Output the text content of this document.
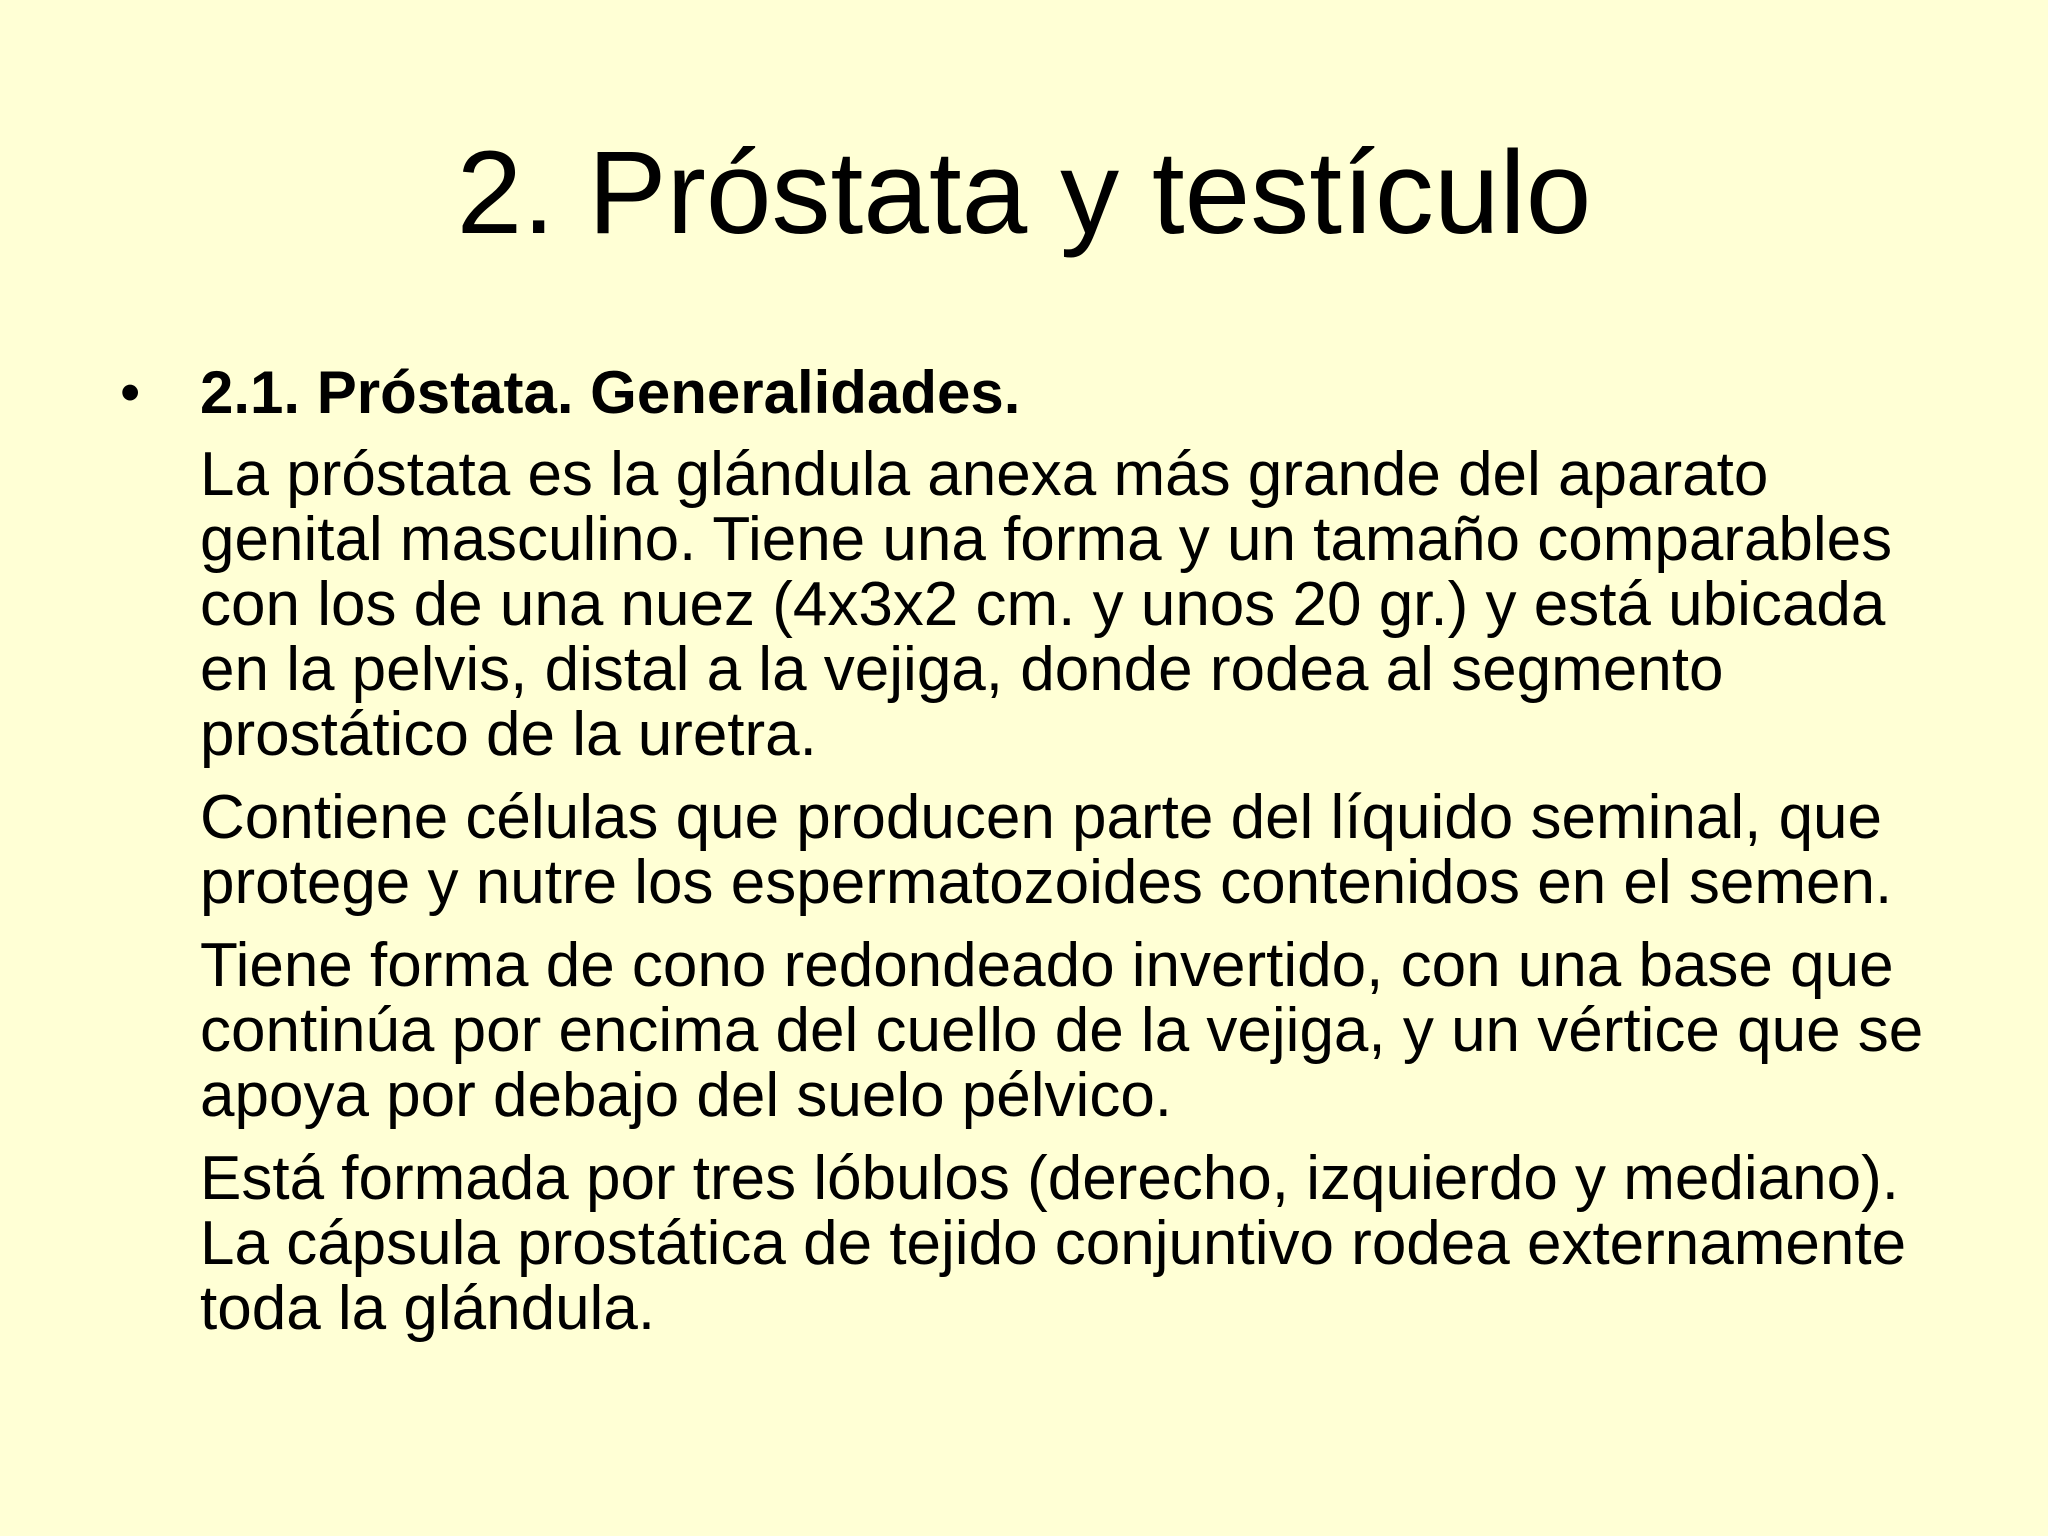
2. Próstata y testículo
• 2.1. Próstata. Generalidades.

La próstata es la glándula anexa más grande del aparato genital masculino. Tiene una forma y un tamaño comparables con los de una nuez (4x3x2 cm. y unos 20 gr.) y está ubicada en la pelvis, distal a la vejiga, donde rodea al segmento prostático de la uretra.

Contiene células que producen parte del líquido seminal, que protege y nutre los espermatozoides contenidos en el semen.

Tiene forma de cono redondeado invertido, con una base que continúa por encima del cuello de la vejiga, y un vértice que se apoya por debajo del suelo pélvico.

Está formada por tres lóbulos (derecho, izquierdo y mediano). La cápsula prostática de tejido conjuntivo rodea externamente toda la glándula.
